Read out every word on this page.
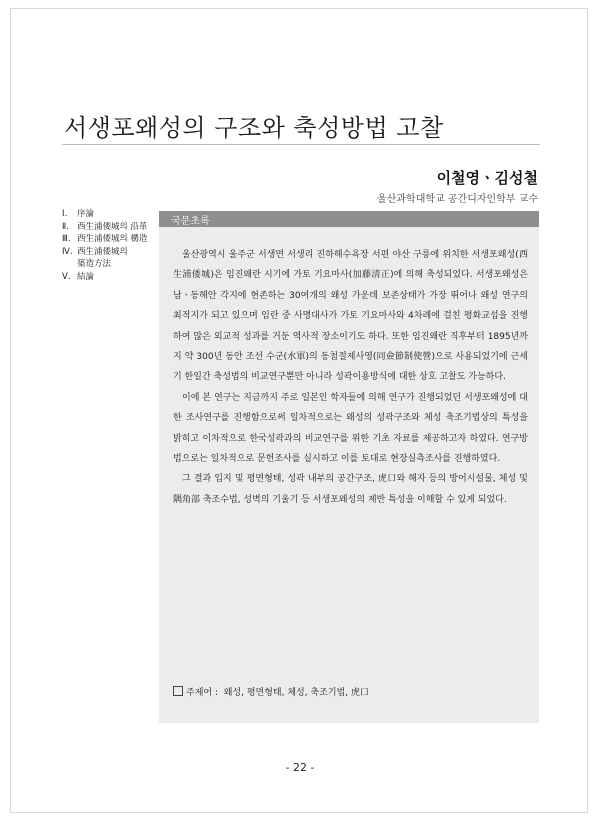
서생포왜성의 구조와 축성방법 고찰
이철영ㆍ김성철
울산과학대학교 공간디자인학부 교수
Ⅰ.	序論
Ⅱ. 西生浦倭城의 沿革
Ⅲ. 西生浦倭城의 構造
Ⅳ. 西生浦倭城의
築造方法
Ⅴ. 結論
국문초록

울산광역시 울주군 서생면 서생리 진하해수욕장 서편 야산 구릉에 위치한 서생포왜성(西生浦倭城)은 임진왜란 시기에 가토 기요마사(加藤淸正)에 의해 축성되었다. 서생포왜성은 남ㆍ동해안 각지에 현존하는 30여개의 왜성 가운데 보존상태가 가장 뛰어나 왜성 연구의 최적지가 되고 있으며 임란 중 사명대사가 가토 기요마사와 4차례에 걸친 평화교섭을 진행하여 많은 외교적 성과를 거둔 역사적 장소이기도 하다. 또한 임진왜란 직후부터 1895년까지 약 300년 동안 조선 수군(水軍)의 동첨절제사영(同僉節制使營)으로 사용되었기에 근세기 한일간 축성법의 비교연구뿐만 아니라 성곽이용방식에 대한 상호 고찰도 가능하다.

이에 본 연구는 지금까지 주로 일본인 학자들에 의해 연구가 진행되었던 서생포왜성에 대한 조사연구를 진행함으로써 일차적으로는 왜성의 성곽구조와 체성 축조기법상의 특성을 밝히고 이차적으로 한국성곽과의 비교연구를 위한 기초 자료를 제공하고자 하였다. 연구방법으로는 일차적으로 문헌조사를 실시하고 이를 토대로 현장실측조사를 진행하였다.

그 결과 입지 및 평면형태, 성곽 내부의 공간구조, 虎口와 해자 등의 방어시설물, 체성 및 隅角部 축조수법, 성벽의 기울기 등 서생포왜성의 제반 특성을 이해할 수 있게 되었다.

주제어 : 왜성, 평면형태, 체성, 축조기법, 虎口
- 22 -
